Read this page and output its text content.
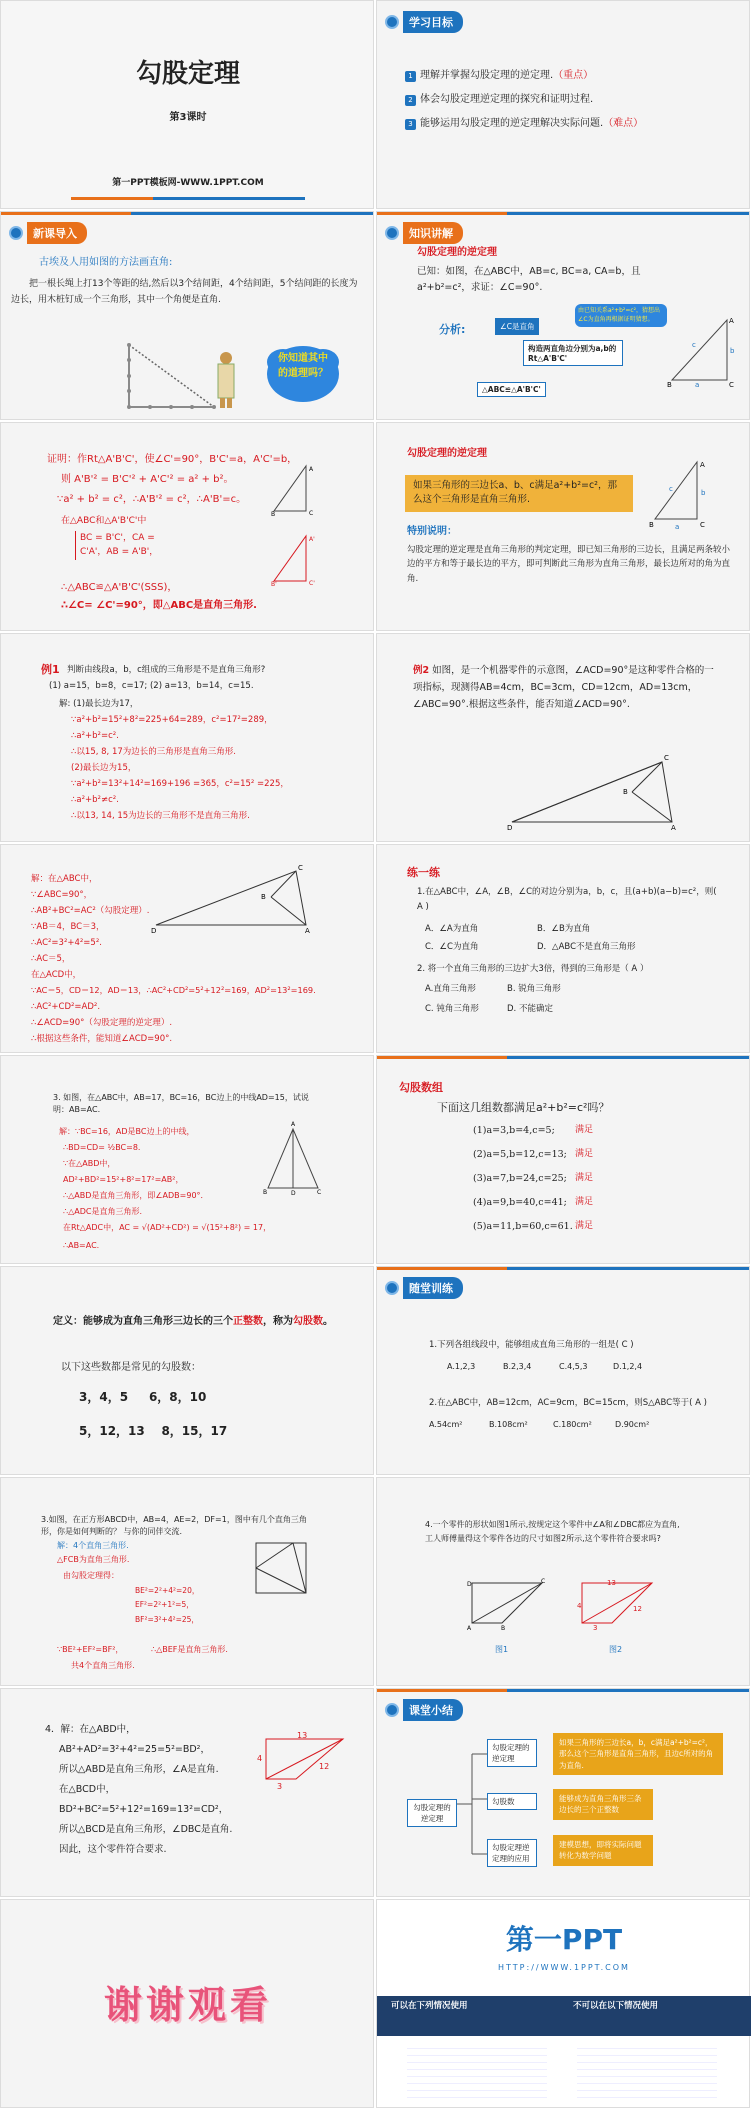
勾股定理
第3课时
第一PPT模板网-WWW.1PPT.COM
学习目标
1 理解并掌握勾股定理的逆定理.（重点）
2 体会勾股定理逆定理的探究和证明过程.
3 能够运用勾股定理的逆定理解决实际问题.（难点）
新课导入
古埃及人用如图的方法画直角:
把一根长绳上打13个等距的结,然后以3个结间距，4个结间距，5个结间距的长度为边长，用木桩钉成一个三角形，其中一个角便是直角.
你知道其中的道理吗？
知识讲解
勾股定理的逆定理
已知：如图，在△ABC中，AB=c, BC=a, CA=b，且a²+b²=c²，求证：∠C=90°.
分析:	∠C是直角
构造两直角边分别为a,b的Rt△A'B'C'
△ABC≌△A'B'C'
由已知关系a²+b²=c²，猜想出∠C为直角再根据证明猜想。	A
C
B	a
b
c
证明：作Rt△A'B'C'，使∠C'=90°，B'C'=a，A'C'=b，
则 A'B'² = B'C'² + A'C'² = a² + b²。
∵a² + b² = c²，∴A'B'² = c²，∴A'B'=c。
在△ABC和△A'B'C'中
BC = B'C'，CA = C'A'，AB = A'B'，
∴△ABC≌△A'B'C'(SSS)，
∴∠C= ∠C'=90°，即△ABC是直角三角形.
A
C
B
A'
C'
B'
勾股定理的逆定理
如果三角形的三边长a、b、c满足a²+b²=c²，那么这个三角形是直角三角形.
A
C
B	a
b
c
特别说明：
勾股定理的逆定理是直角三角形的判定定理，即已知三角形的三边长，且满足两条较小边的平方和等于最长边的平方，即可判断此三角形为直角三角形，最长边所对的角为直角.
例1 判断由线段a，b，c组成的三角形是不是直角三角形?
(1) a=15，b=8，c=17; (2) a=13，b=14，c=15.
解: (1)最长边为17，
∵a²+b²=15²+8²=225+64=289，c²=17²=289，
∴a²+b²=c².
∴以15, 8, 17为边长的三角形是直角三角形.
(2)最长边为15，
∵a²+b²=13²+14²=169+196 =365，c²=15² =225，
∴a²+b²≠c².
∴以13, 14, 15为边长的三角形不是直角三角形.
例2 如图，是一个机器零件的示意图，∠ACD=90°是这种零件合格的一项指标，现测得AB=4cm，BC=3cm，CD=12cm，AD=13cm，∠ABC=90°.根据这些条件，能否知道∠ACD=90°.
D
C
B
A
解：在△ABC中，
∵∠ABC=90°，
∴AB²+BC²=AC²（勾股定理）.
∵AB＝4，BC＝3，
∴AC²=3²+4²=5².
∴AC＝5，
在△ACD中，
∵AC＝5，CD＝12，AD＝13，∴AC²+CD²=5²+12²=169，AD²=13²=169.
∴AC²+CD²=AD².
∴∠ACD=90°（勾股定理的逆定理）.
∴根据这些条件，能知道∠ACD=90°.
D
C
B
A
练一练
1.在△ABC中，∠A，∠B，∠C的对边分别为a，b，c，且(a+b)(a−b)=c²，则( A )
A．∠A为直角	B．∠B为直角
C．∠C为直角	D．△ABC不是直角三角形
2. 将一个直角三角形的三边扩大3倍，得到的三角形是（ A ）
A.直角三角形	B. 锐角三角形
C. 钝角三角形	D. 不能确定
3. 如图，在△ABC中，AB=17，BC=16，BC边上的中线AD=15，试说明：AB=AC.
解：∵BC=16，AD是BC边上的中线，
∴BD=CD= ½BC=8.
∵在△ABD中，
AD²+BD²=15²+8²=17²=AB²，
∴△ABD是直角三角形，即∠ADB=90°．
∴△ADC是直角三角形.
在Rt△ADC中，AC = √(AD²+CD²) = √(15²+8²) = 17，
∴AB=AC.
A
B	D	C
勾股数组
下面这几组数都满足a²+b²=c²吗？
(1)a=3,b=4,c=5; 满足
(2)a=5,b=12,c=13; 满足
(3)a=7,b=24,c=25; 满足
(4)a=9,b=40,c=41; 满足
(5)a=11,b=60,c=61. 满足
定义：能够成为直角三角形三边长的三个正整数，称为勾股数。
以下这些数都是常见的勾股数：
3，4，5     6，8，10
5，12，13    8，15，17
随堂训练
1.下列各组线段中，能够组成直角三角形的一组是( C )
A.1,2,3	B.2,3,4	C.4,5,3	D.1,2,4
2.在△ABC中，AB=12cm，AC=9cm，BC=15cm，则S△ABC等于( A )
A.54cm²	B.108cm²	C.180cm²	D.90cm²
3.如图，在正方形ABCD中，AB=4，AE=2，DF=1，图中有几个直角三角形，你是如何判断的？ 与你的同伴交流.
解：4个直角三角形.
△FCB为直角三角形.
由勾股定理得：
BE²=2²+4²=20，EF²=2²+1²=5，BF²=3²+4²=25，
∵BE²+EF²=BF²，	∴△BEF是直角三角形.
共4个直角三角形.
4.一个零件的形状如图1所示,按规定这个零件中∠A和∠DBC都应为直角,工人师傅量得这个零件各边的尺寸如图2所示,这个零件符合要求吗?
D
A	B
C	13
4
3
12
图1	图2
4．解：在△ABD中，
AB²+AD²=3²+4²=25=5²=BD²，
所以△ABD是直角三角形，∠A是直角.
在△BCD中，
BD²+BC²=5²+12²=169=13²=CD²，
所以△BCD是直角三角形，∠DBC是直角.
因此，这个零件符合要求.
13
4
3
12
课堂小结
勾股定理的逆定理
勾股定理的逆定理
勾股数
勾股定理逆定理的应用
如果三角形的三边长a，b，c满足a²+b²=c²，那么这个三角形是直角三角形，且边c所对的角为直角.
能够成为直角三角形三条边长的三个正整数
建模思想，即将实际问题转化为数学问题
谢谢观看
第一PPT
HTTP://WWW.1PPT.COM
可以在下列情况使用	不可以在以下情况使用
